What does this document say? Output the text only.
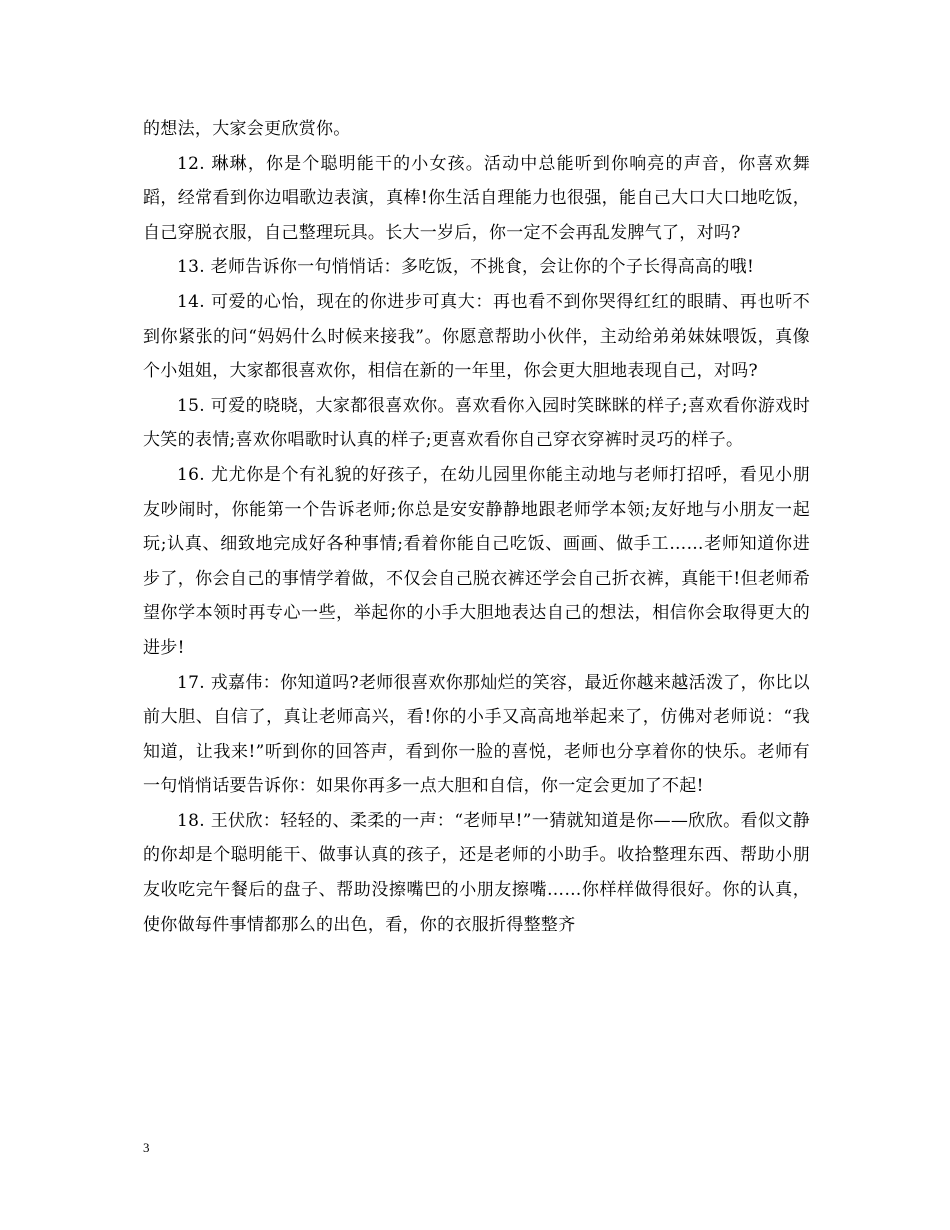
的想法，大家会更欣赏你。

12. 琳琳，你是个聪明能干的小女孩。活动中总能听到你响亮的声音，你喜欢舞蹈，经常看到你边唱歌边表演，真棒!你生活自理能力也很强，能自己大口大口地吃饭，自己穿脱衣服，自己整理玩具。长大一岁后，你一定不会再乱发脾气了，对吗?

13. 老师告诉你一句悄悄话：多吃饭，不挑食，会让你的个子长得高高的哦!

14. 可爱的心怡，现在的你进步可真大：再也看不到你哭得红红的眼睛、再也听不到你紧张的问“妈妈什么时候来接我”。你愿意帮助小伙伴，主动给弟弟妹妹喂饭，真像个小姐姐，大家都很喜欢你，相信在新的一年里，你会更大胆地表现自己，对吗?

15. 可爱的晓晓，大家都很喜欢你。喜欢看你入园时笑眯眯的样子;喜欢看你游戏时大笑的表情;喜欢你唱歌时认真的样子;更喜欢看你自己穿衣穿裤时灵巧的样子。

16. 尤尤你是个有礼貌的好孩子，在幼儿园里你能主动地与老师打招呼，看见小朋友吵闹时，你能第一个告诉老师;你总是安安静静地跟老师学本领;友好地与小朋友一起玩;认真、细致地完成好各种事情;看着你能自己吃饭、画画、做手工……老师知道你进步了，你会自己的事情学着做，不仅会自己脱衣裤还学会自己折衣裤，真能干!但老师希望你学本领时再专心一些，举起你的小手大胆地表达自己的想法，相信你会取得更大的进步!

17. 戎嘉伟：你知道吗?老师很喜欢你那灿烂的笑容，最近你越来越活泼了，你比以前大胆、自信了，真让老师高兴，看!你的小手又高高地举起来了，仿佛对老师说：“我知道，让我来!”听到你的回答声，看到你一脸的喜悦，老师也分享着你的快乐。老师有一句悄悄话要告诉你：如果你再多一点大胆和自信，你一定会更加了不起!

18. 王伏欣：轻轻的、柔柔的一声：“老师早!”一猜就知道是你——欣欣。看似文静的你却是个聪明能干、做事认真的孩子，还是老师的小助手。收拾整理东西、帮助小朋友收吃完午餐后的盘子、帮助没擦嘴巴的小朋友擦嘴……你样样做得很好。你的认真，使你做每件事情都那么的出色，看，你的衣服折得整整齐

3
